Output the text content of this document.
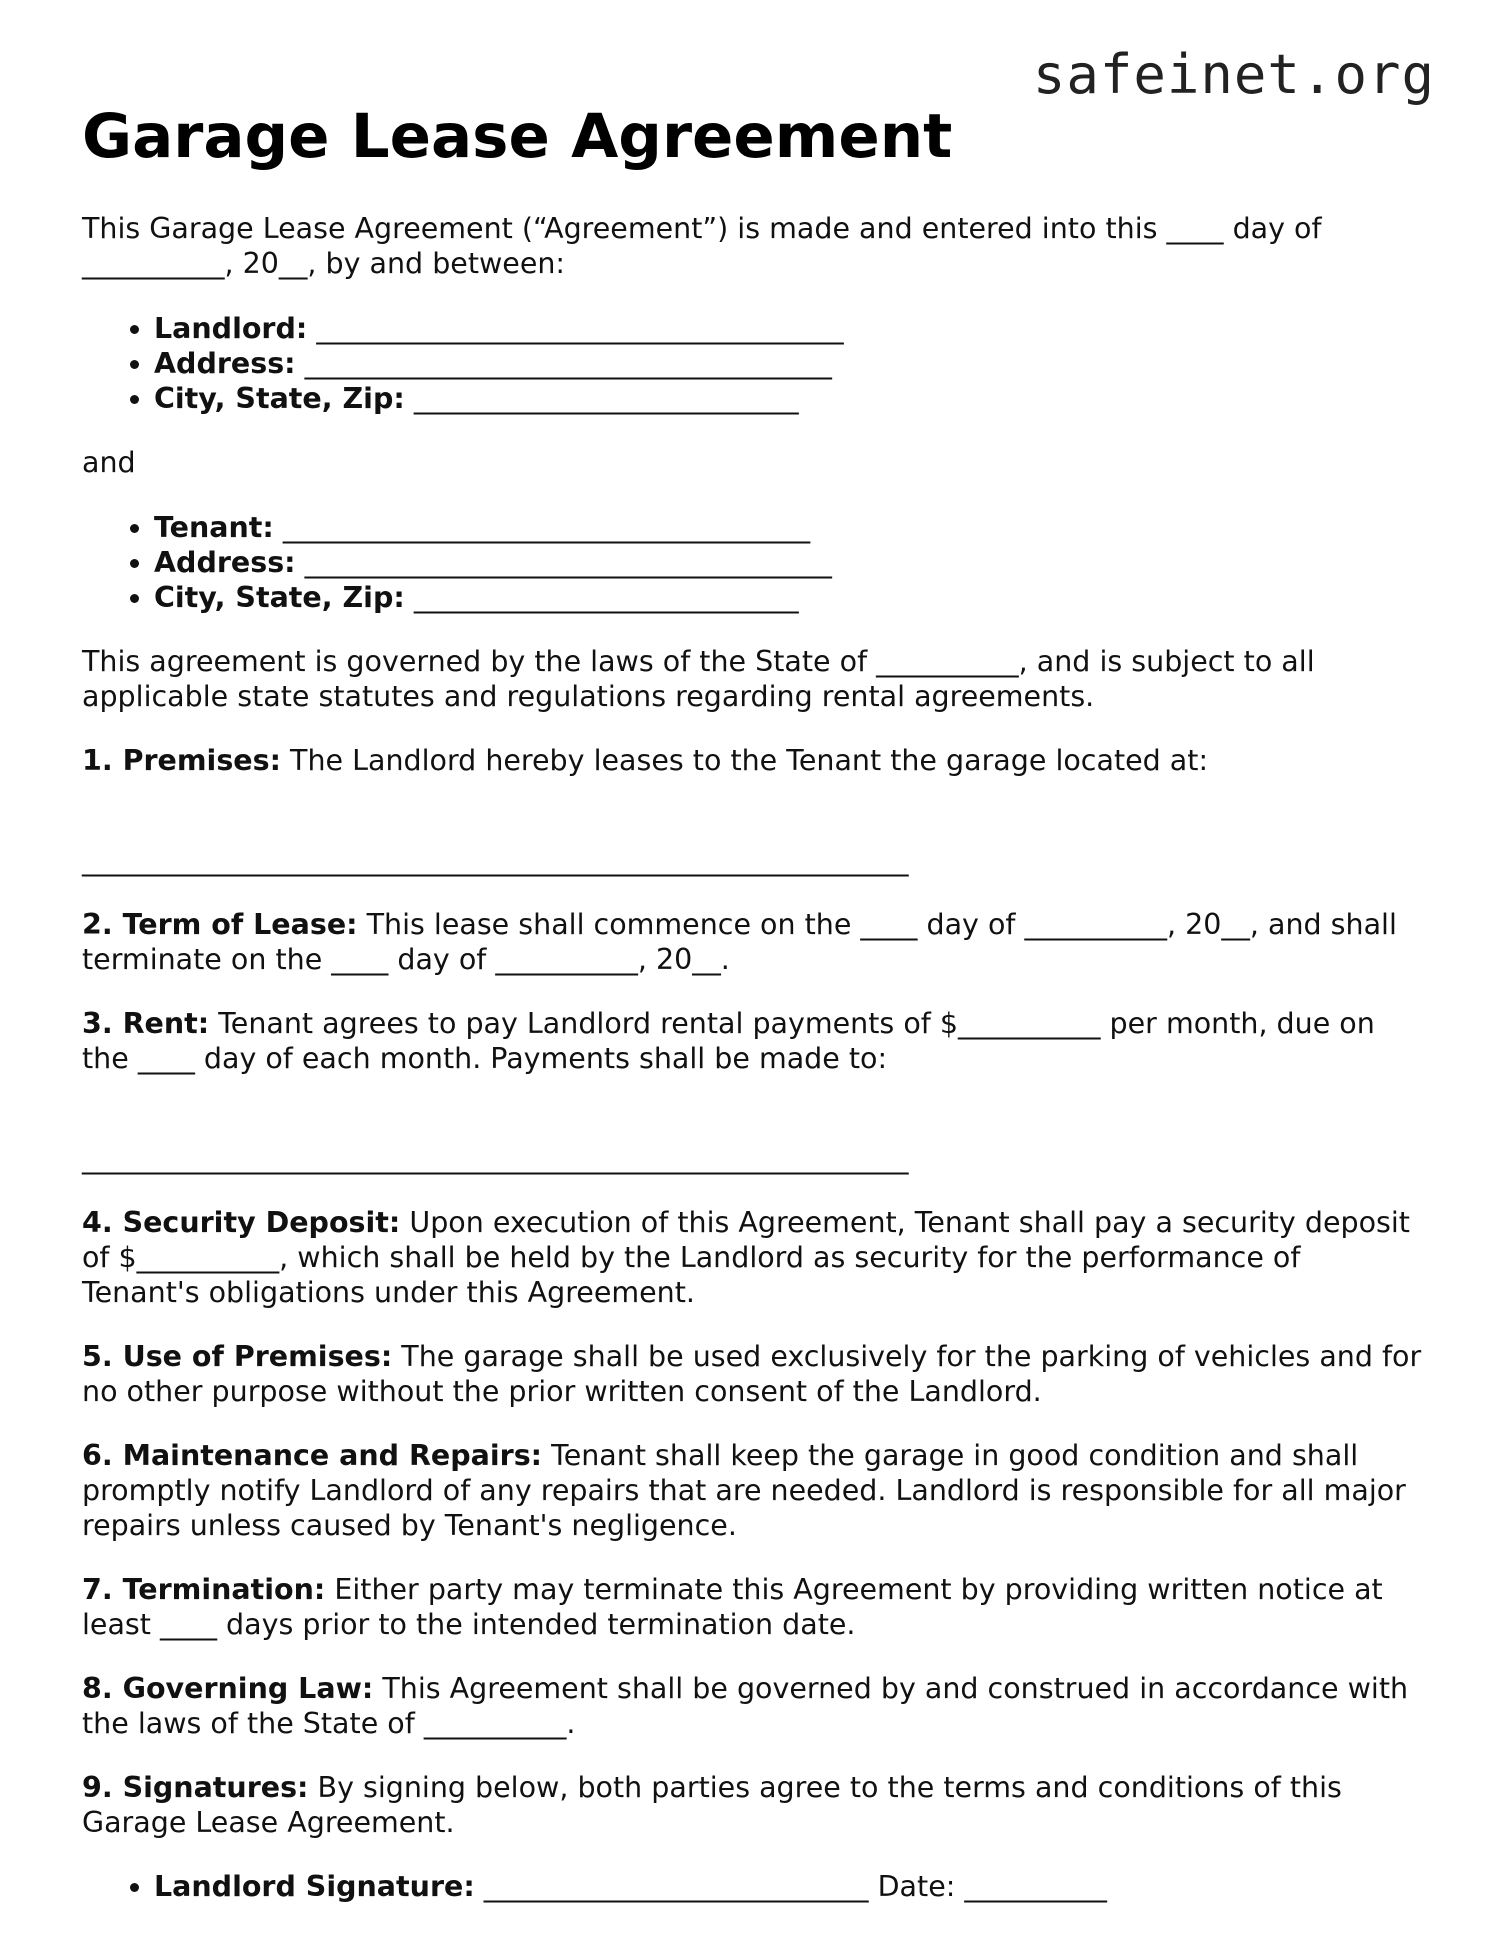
safeinet.org
Garage Lease Agreement

This Garage Lease Agreement (“Agreement”) is made and entered into this ____ day of __________, 20__, by and between:

• Landlord: _____________________________________
• Address: _____________________________________
• City, State, Zip: ___________________________

and

• Tenant: _____________________________________
• Address: _____________________________________
• City, State, Zip: ___________________________

This agreement is governed by the laws of the State of __________, and is subject to all applicable state statutes and regulations regarding rental agreements.

1. Premises: The Landlord hereby leases to the Tenant the garage located at:

__________________________________________________________

2. Term of Lease: This lease shall commence on the ____ day of __________, 20__, and shall terminate on the ____ day of __________, 20__.

3. Rent: Tenant agrees to pay Landlord rental payments of $__________ per month, due on the ____ day of each month. Payments shall be made to:

__________________________________________________________

4. Security Deposit: Upon execution of this Agreement, Tenant shall pay a security deposit of $__________, which shall be held by the Landlord as security for the performance of Tenant's obligations under this Agreement.

5. Use of Premises: The garage shall be used exclusively for the parking of vehicles and for no other purpose without the prior written consent of the Landlord.

6. Maintenance and Repairs: Tenant shall keep the garage in good condition and shall promptly notify Landlord of any repairs that are needed. Landlord is responsible for all major repairs unless caused by Tenant's negligence.

7. Termination: Either party may terminate this Agreement by providing written notice at least ____ days prior to the intended termination date.

8. Governing Law: This Agreement shall be governed by and construed in accordance with the laws of the State of __________.

9. Signatures: By signing below, both parties agree to the terms and conditions of this Garage Lease Agreement.

• Landlord Signature: ___________________________ Date: __________
